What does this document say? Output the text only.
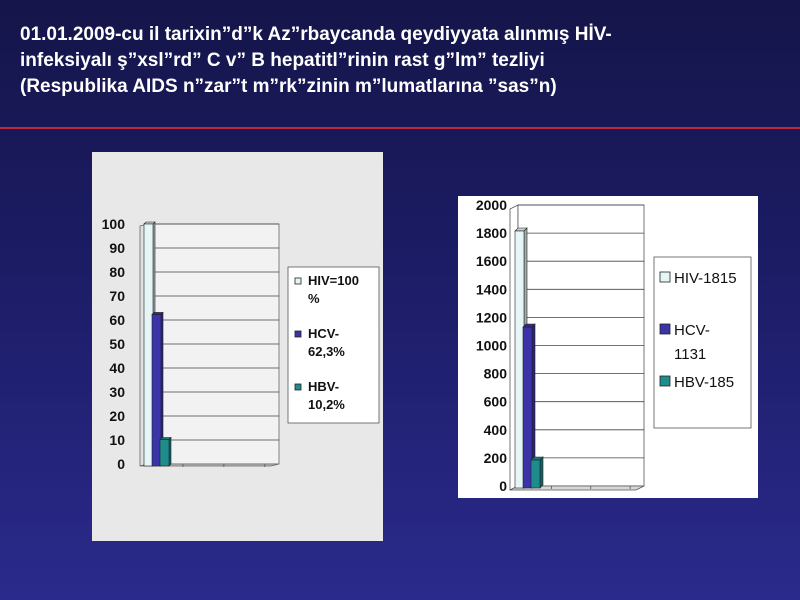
01.01.2009-cu il tarixin”d”k Az”rbaycanda qeydiyyata alınmış HİV-
infeksiyalı ş”xsl”rd” C v” B hepatitl”rinin rast g”lm” tezliyi
(Respublika AIDS n”zar”t m”rk”zinin m”lumatlarına ”sas”n)
0
10
20
30
40
50
60
70
80
90
100
HIV=100
%
HCV-
62,3%
HBV-
10,2%
0
200
400
600
800
1000
1200
1400
1600
1800
2000
HIV-1815
HCV-
1131
HBV-185
